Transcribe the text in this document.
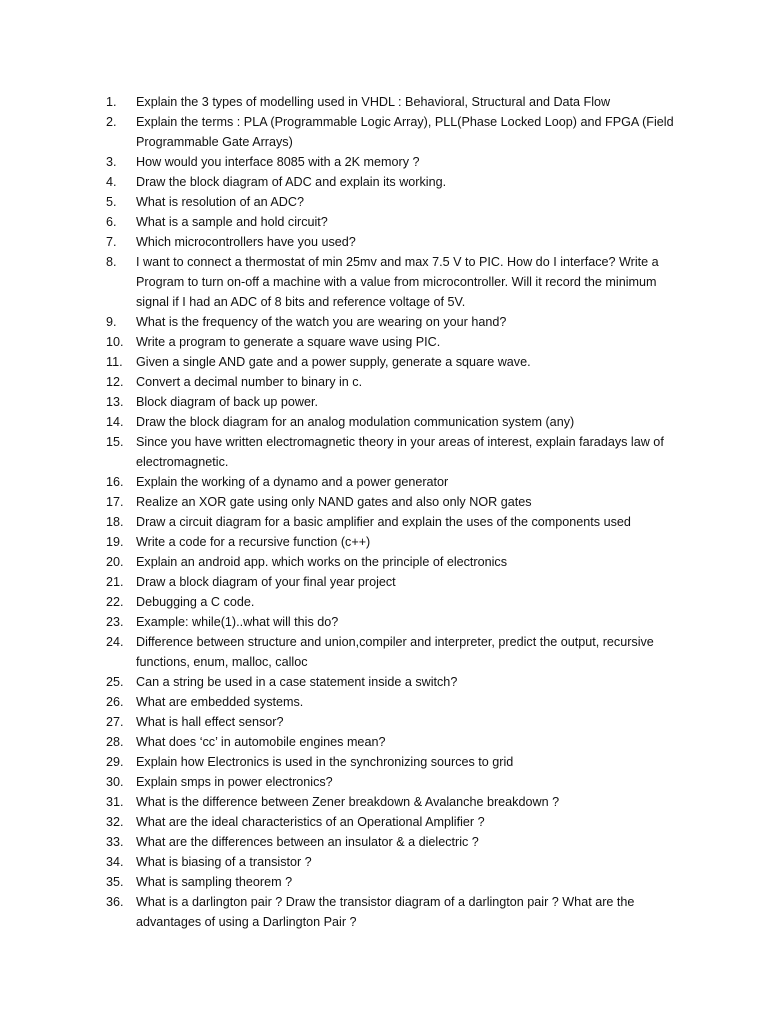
1.	Explain the 3 types of modelling used in VHDL : Behavioral, Structural and Data Flow
2.	Explain the terms : PLA (Programmable Logic Array), PLL(Phase Locked Loop) and FPGA (Field Programmable Gate Arrays)
3.	How would you interface 8085 with a 2K memory ?
4.	Draw the block diagram of ADC and explain its working.
5.	What is resolution of an ADC?
6.	What is a sample and hold circuit?
7.	Which microcontrollers have you used?
8.	I want to connect a thermostat of min 25mv and max 7.5 V to PIC. How do I interface? Write a Program to turn on-off a machine with a value from microcontroller. Will it record the minimum signal if I had an ADC of 8 bits and reference voltage of 5V.
9.	What is the frequency of the watch you are wearing on your hand?
10. Write a program to generate a square wave using PIC.
11.	Given a single AND gate and a power supply, generate a square wave.
12. Convert a decimal number to binary in c.
13. Block diagram of back up power.
14. Draw the block diagram for an analog modulation communication system (any)
15. Since you have written electromagnetic theory in your areas of interest, explain faradays law of electromagnetic.
16. Explain the working of a dynamo and a power generator
17. Realize an XOR gate using only NAND gates and also only NOR gates
18. Draw a circuit diagram for a basic amplifier and explain the uses of the components used
19. Write a code for a recursive function (c++)
20. Explain an android app. which works on the principle of electronics
21. Draw a block diagram of your final year project
22. Debugging a C code.
23. Example: while(1)..what will this do?
24. Difference between structure and union,compiler and interpreter, predict the output, recursive functions, enum, malloc, calloc
25. Can a string be used in a case statement inside a switch?
26. What are embedded systems.
27. What is hall effect sensor?
28. What does ‘cc’ in automobile engines mean?
29. Explain how Electronics is used in the synchronizing sources to grid
30. Explain smps in power electronics?
31. What is the difference between Zener breakdown & Avalanche breakdown ?
32. What are the ideal characteristics of an Operational Amplifier ?
33. What are the differences between an insulator & a dielectric ?
34. What is biasing of a transistor ?
35. What is sampling theorem ?
36. What is a darlington pair ? Draw the transistor diagram of a darlington pair ? What are the advantages of using a Darlington Pair ?
